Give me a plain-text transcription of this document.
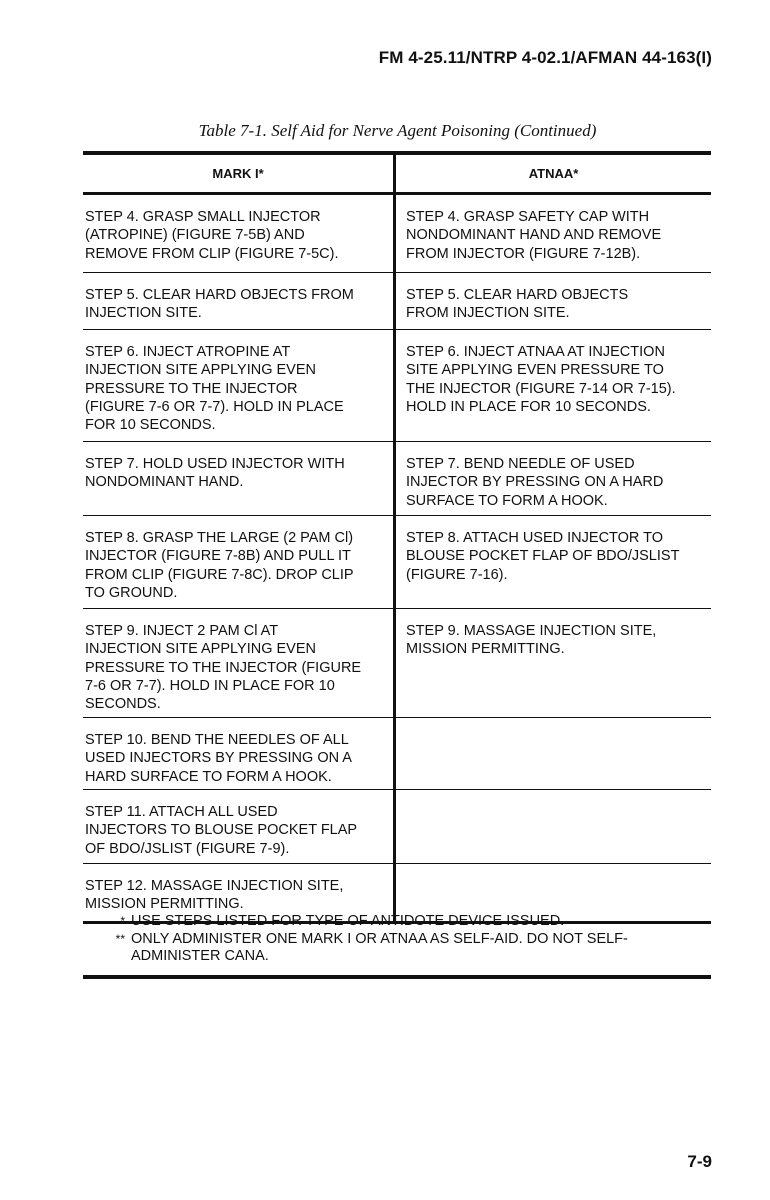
FM 4-25.11/NTRP 4-02.1/AFMAN 44-163(I)
Table 7-1. Self Aid for Nerve Agent Poisoning (Continued)
MARK I*	ATNAA*
STEP 4. GRASP SMALL INJECTOR
(ATROPINE) (FIGURE 7-5B) AND
REMOVE FROM CLIP (FIGURE 7-5C).
STEP 4. GRASP SAFETY CAP WITH
NONDOMINANT HAND AND REMOVE
FROM INJECTOR (FIGURE 7-12B).
STEP 5. CLEAR HARD OBJECTS FROM
INJECTION SITE.
STEP 5. CLEAR HARD OBJECTS
FROM INJECTION SITE.
STEP 6. INJECT ATROPINE AT
INJECTION SITE APPLYING EVEN
PRESSURE TO THE INJECTOR
(FIGURE 7-6 OR 7-7). HOLD IN PLACE
FOR 10 SECONDS.
STEP 6. INJECT ATNAA AT INJECTION
SITE APPLYING EVEN PRESSURE TO
THE INJECTOR (FIGURE 7-14 OR 7-15).
HOLD IN PLACE FOR 10 SECONDS.
STEP 7. HOLD USED INJECTOR WITH
NONDOMINANT HAND.
STEP 7. BEND NEEDLE OF USED
INJECTOR BY PRESSING ON A HARD
SURFACE TO FORM A HOOK.
STEP 8. GRASP THE LARGE (2 PAM Cl)
INJECTOR (FIGURE 7-8B) AND PULL IT
FROM CLIP (FIGURE 7-8C). DROP CLIP
TO GROUND.
STEP 8. ATTACH USED INJECTOR TO
BLOUSE POCKET FLAP OF BDO/JSLIST
(FIGURE 7-16).
STEP 9. INJECT 2 PAM Cl AT
INJECTION SITE APPLYING EVEN
PRESSURE TO THE INJECTOR (FIGURE
7-6 OR 7-7). HOLD IN PLACE FOR 10
SECONDS.
STEP 9. MASSAGE INJECTION SITE,
MISSION PERMITTING.
STEP 10. BEND THE NEEDLES OF ALL
USED INJECTORS BY PRESSING ON A
HARD SURFACE TO FORM A HOOK.
STEP 11. ATTACH ALL USED
INJECTORS TO BLOUSE POCKET FLAP
OF BDO/JSLIST (FIGURE 7-9).
STEP 12. MASSAGE INJECTION SITE,
MISSION PERMITTING.
* USE STEPS LISTED FOR TYPE OF ANTIDOTE DEVICE ISSUED.
** ONLY ADMINISTER ONE MARK I OR ATNAA AS SELF-AID. DO NOT SELF-
ADMINISTER CANA.
7-9
